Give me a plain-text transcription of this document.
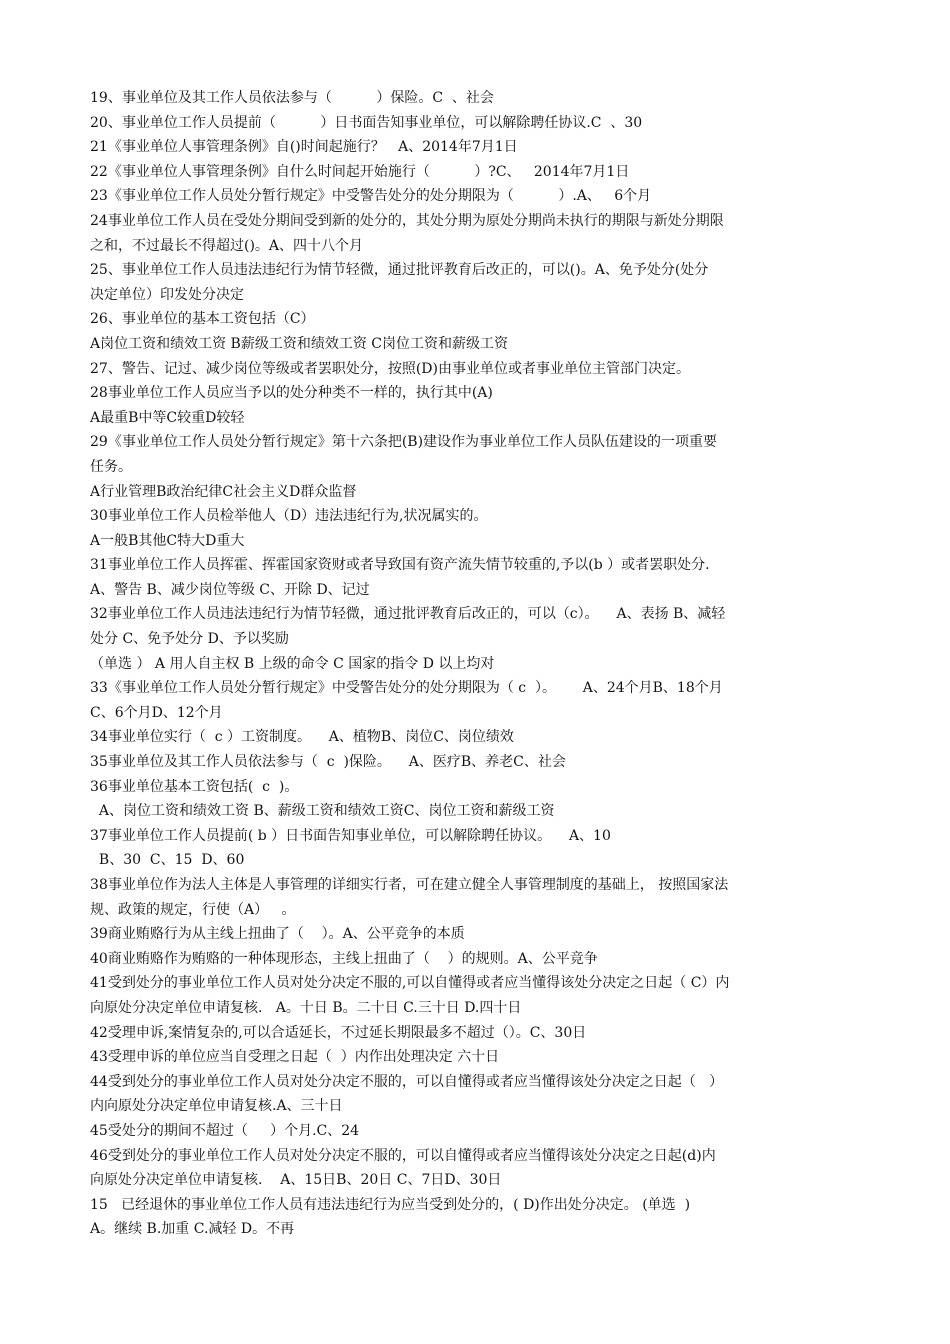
19、事业单位及其工作人员依法参与（          ）保险。C  、社会
20、事业单位工作人员提前（          ）日书面告知事业单位，可以解除聘任协议.C  、30
21《事业单位人事管理条例》自()时间起施行？   A、2014年7月1日
22《事业单位人事管理条例》自什么时间起开始施行（          ）?C、   2014年7月1日
23《事业单位工作人员处分暂行规定》中受警告处分的处分期限为（          ）.A、   6个月
24事业单位工作人员在受处分期间受到新的处分的，其处分期为原处分期尚未执行的期限与新处分期限
之和，不过最长不得超过()。A、四十八个月
25、事业单位工作人员违法违纪行为情节轻微，通过批评教育后改正的，可以()。A、免予处分(处分
决定单位）印发处分决定
26、事业单位的基本工资包括（C）
A岗位工资和绩效工资 B薪级工资和绩效工资 C岗位工资和薪级工资
27、警告、记过、减少岗位等级或者罢职处分，按照(D)由事业单位或者事业单位主管部门决定。
28事业单位工作人员应当予以的处分种类不一样的，执行其中(A)
A最重B中等C较重D较轻
29《事业单位工作人员处分暂行规定》第十六条把(B)建设作为事业单位工作人员队伍建设的一项重要
任务。
A行业管理B政治纪律C社会主义D群众监督
30事业单位工作人员检举他人（D）违法违纪行为,状况属实的。
A一般B其他C特大D重大
31事业单位工作人员挥霍、挥霍国家资财或者导致国有资产流失情节较重的,予以(b ）或者罢职处分.
A、警告 B、减少岗位等级 C、开除 D、记过
32事业单位工作人员违法违纪行为情节轻微，通过批评教育后改正的，可以（c）。    A、表扬 B、减轻
处分 C、免予处分 D、予以奖励
（单选 ） A 用人自主权 B 上级的命令 C 国家的指令 D 以上均对
33《事业单位工作人员处分暂行规定》中受警告处分的处分期限为（ c  ）。      A、24个月B、18个月
C、6个月D、12个月
34事业单位实行（  c ）工资制度。    A、植物B、岗位C、岗位绩效
35事业单位及其工作人员依法参与（  c  )保险。    A、医疗B、养老C、社会
36事业单位基本工资包括(  c  )。
A、岗位工资和绩效工资 B、薪级工资和绩效工资C、岗位工资和薪级工资
37事业单位工作人员提前( b ）日书面告知事业单位，可以解除聘任协议。    A、10
B、30  C、15  D、60
38事业单位作为法人主体是人事管理的详细实行者，可在建立健全人事管理制度的基础上， 按照国家法
规、政策的规定，行使（A）   。
39商业贿赂行为从主线上扭曲了（    ）。A、公平竞争的本质
40商业贿赂作为贿赂的一种体现形态，主线上扭曲了（    ）的规则。A、公平竞争
41受到处分的事业单位工作人员对处分决定不服的,可以自懂得或者应当懂得该处分决定之日起（ C）内
向原处分决定单位申请复核.   A。十日 B。二十日 C.三十日 D.四十日
42受理申诉,案情复杂的,可以合适延长，不过延长期限最多不超过（）。C、30日
43受理申诉的单位应当自受理之日起（  ）内作出处理决定 六十日
44受到处分的事业单位工作人员对处分决定不服的，可以自懂得或者应当懂得该处分决定之日起（   ）
内向原处分决定单位申请复核.A、三十日
45受处分的期间不超过（     ）个月.C、24
46受到处分的事业单位工作人员对处分决定不服的，可以自懂得或者应当懂得该处分决定之日起(d)内
向原处分决定单位申请复核.    A、15日B、20日 C、7日D、30日
15   已经退休的事业单位工作人员有违法违纪行为应当受到处分的，( D)作出处分决定。 (单选  )
A。继续 B.加重 C.减轻 D。不再
